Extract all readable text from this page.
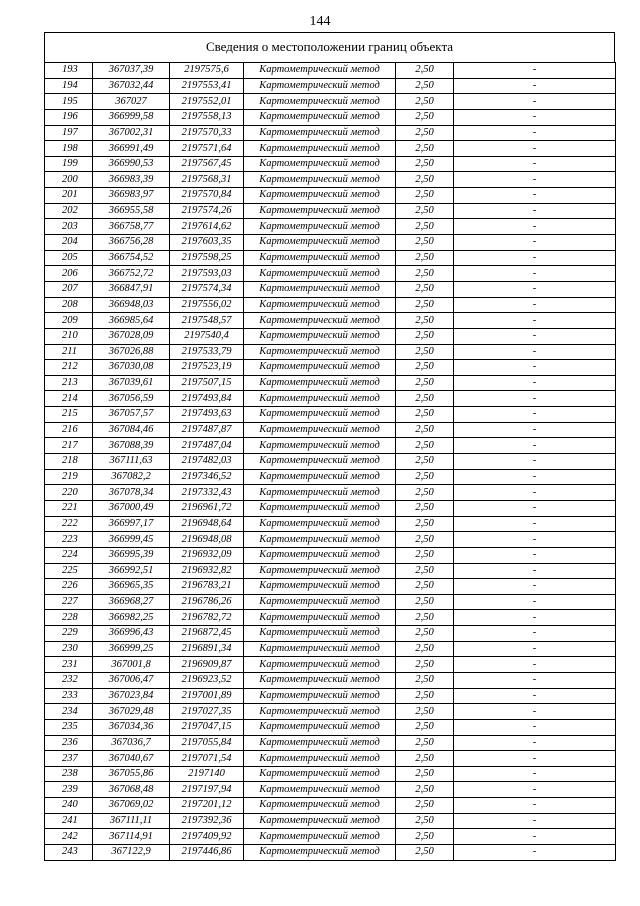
144
Сведения о местоположении границ объекта
193	367037,39	2197575,6	Картометрический метод	2,50	-
194	367032,44	2197553,41	Картометрический метод	2,50	-
195	367027	2197552,01	Картометрический метод	2,50	-
196	366999,58	2197558,13	Картометрический метод	2,50	-
197	367002,31	2197570,33	Картометрический метод	2,50	-
198	366991,49	2197571,64	Картометрический метод	2,50	-
199	366990,53	2197567,45	Картометрический метод	2,50	-
200	366983,39	2197568,31	Картометрический метод	2,50	-
201	366983,97	2197570,84	Картометрический метод	2,50	-
202	366955,58	2197574,26	Картометрический метод	2,50	-
203	366758,77	2197614,62	Картометрический метод	2,50	-
204	366756,28	2197603,35	Картометрический метод	2,50	-
205	366754,52	2197598,25	Картометрический метод	2,50	-
206	366752,72	2197593,03	Картометрический метод	2,50	-
207	366847,91	2197574,34	Картометрический метод	2,50	-
208	366948,03	2197556,02	Картометрический метод	2,50	-
209	366985,64	2197548,57	Картометрический метод	2,50	-
210	367028,09	2197540,4	Картометрический метод	2,50	-
211	367026,88	2197533,79	Картометрический метод	2,50	-
212	367030,08	2197523,19	Картометрический метод	2,50	-
213	367039,61	2197507,15	Картометрический метод	2,50	-
214	367056,59	2197493,84	Картометрический метод	2,50	-
215	367057,57	2197493,63	Картометрический метод	2,50	-
216	367084,46	2197487,87	Картометрический метод	2,50	-
217	367088,39	2197487,04	Картометрический метод	2,50	-
218	367111,63	2197482,03	Картометрический метод	2,50	-
219	367082,2	2197346,52	Картометрический метод	2,50	-
220	367078,34	2197332,43	Картометрический метод	2,50	-
221	367000,49	2196961,72	Картометрический метод	2,50	-
222	366997,17	2196948,64	Картометрический метод	2,50	-
223	366999,45	2196948,08	Картометрический метод	2,50	-
224	366995,39	2196932,09	Картометрический метод	2,50	-
225	366992,51	2196932,82	Картометрический метод	2,50	-
226	366965,35	2196783,21	Картометрический метод	2,50	-
227	366968,27	2196786,26	Картометрический метод	2,50	-
228	366982,25	2196782,72	Картометрический метод	2,50	-
229	366996,43	2196872,45	Картометрический метод	2,50	-
230	366999,25	2196891,34	Картометрический метод	2,50	-
231	367001,8	2196909,87	Картометрический метод	2,50	-
232	367006,47	2196923,52	Картометрический метод	2,50	-
233	367023,84	2197001,89	Картометрический метод	2,50	-
234	367029,48	2197027,35	Картометрический метод	2,50	-
235	367034,36	2197047,15	Картометрический метод	2,50	-
236	367036,7	2197055,84	Картометрический метод	2,50	-
237	367040,67	2197071,54	Картометрический метод	2,50	-
238	367055,86	2197140	Картометрический метод	2,50	-
239	367068,48	2197197,94	Картометрический метод	2,50	-
240	367069,02	2197201,12	Картометрический метод	2,50	-
241	367111,11	2197392,36	Картометрический метод	2,50	-
242	367114,91	2197409,92	Картометрический метод	2,50	-
243	367122,9	2197446,86	Картометрический метод	2,50	-
